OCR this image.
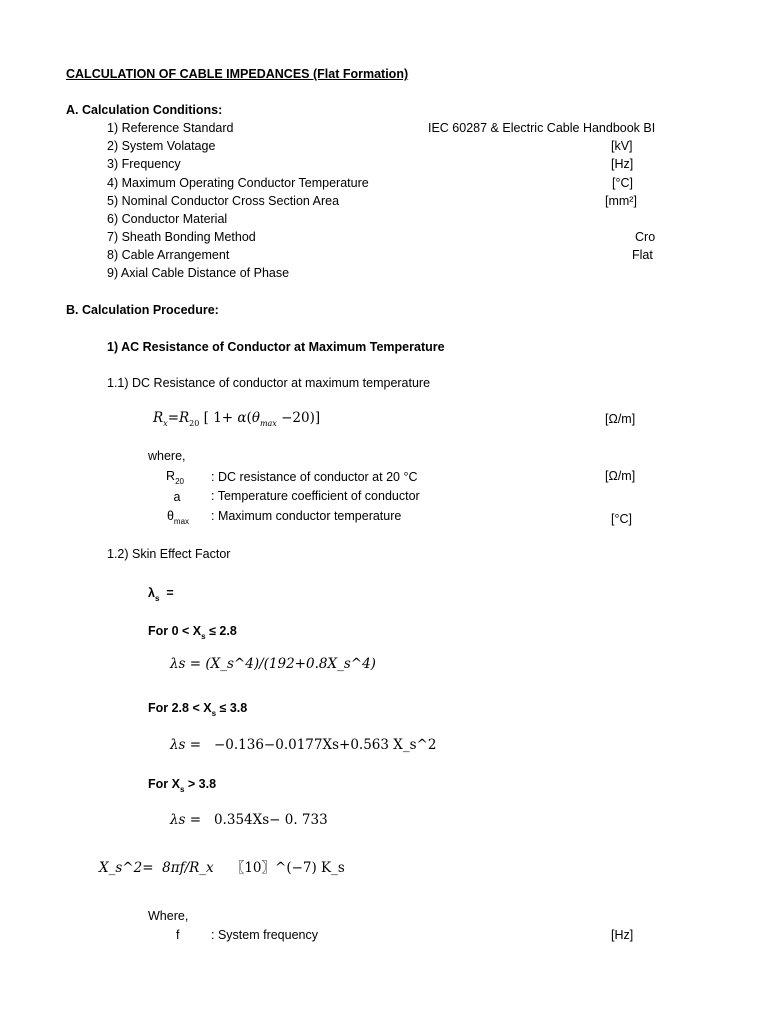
CALCULATION OF CABLE IMPEDANCES (Flat Formation)
A. Calculation Conditions:
1) Reference Standard	IEC 60287 & Electric Cable Handbook BI
2) System Volatage	[kV]
3) Frequency	[Hz]
4) Maximum Operating Conductor Temperature	[°C]
5) Nominal Conductor Cross Section Area	[mm²]
6) Conductor Material
7) Sheath Bonding Method	Cro
8) Cable Arrangement	Flat
9) Axial Cable Distance of Phase
B. Calculation Procedure:
1) AC Resistance of Conductor at Maximum Temperature
1.1) DC Resistance of conductor at maximum temperature
$R_x=R_{20}$ [ $1+ \alpha(\theta_{max} -20)$]	[Ω/m]
where,
$R_{20}$ : DC resistance of conductor at 20 °C	[Ω/m]
a	: Temperature coefficient of conductor
$\theta_{max}$ : Maximum conductor temperature	[°C]
1.2) Skin Effect Factor
$\lambda_s$ =
For $0 < X_s \le 2.8$
λs = (X_s^4)/(192+0.8X_s^4)
For $2.8 < X_s \le 3.8$
λs = −0.136−0.0177Xs+0.563 X_s^2
For $X_s > 3.8$
λs = 0.354Xs− 0. 733
X_s^2= 8πf/R_x 〖10〗^(−7) K_s
Where,
f	: System frequency	[Hz]
